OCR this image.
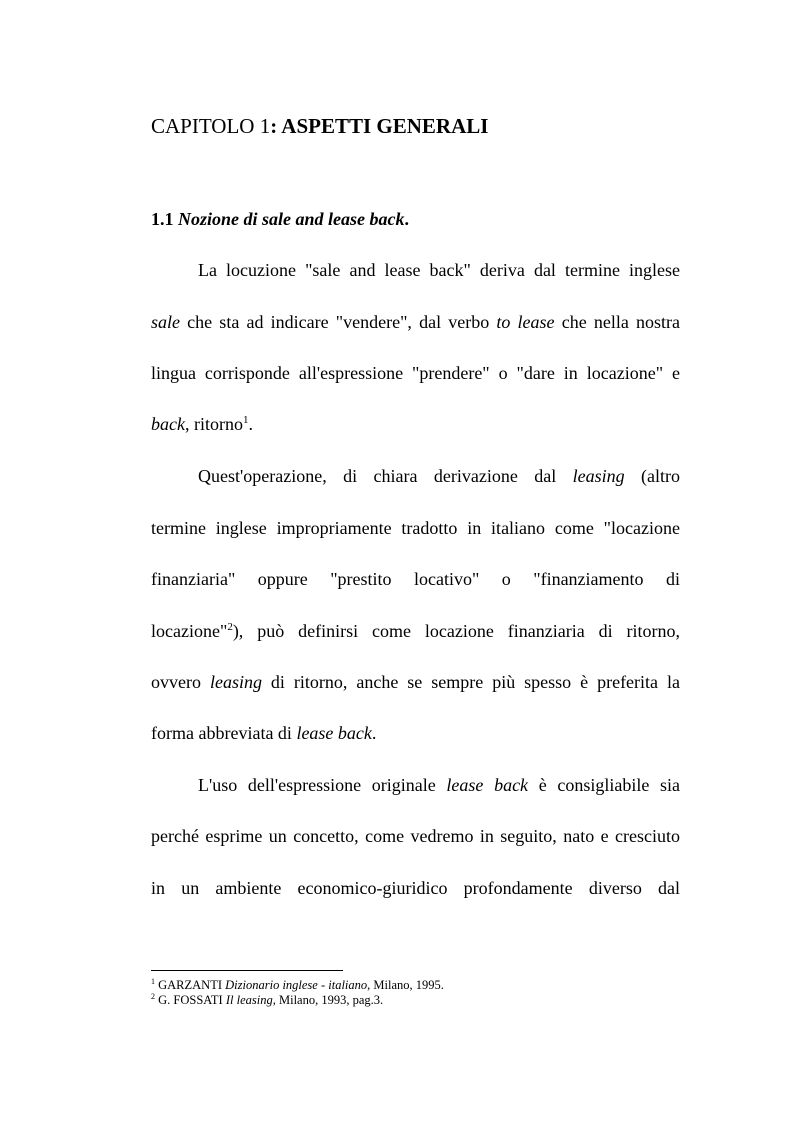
CAPITOLO 1: ASPETTI GENERALI
1.1 Nozione di sale and lease back.
La locuzione "sale and lease back" deriva dal termine inglese
sale che sta ad indicare "vendere", dal verbo to lease che nella nostra
lingua corrisponde all'espressione "prendere" o "dare in locazione" e
back, ritorno$^1$.
Quest'operazione, di chiara derivazione dal leasing (altro
termine inglese impropriamente tradotto in italiano come "locazione
finanziaria" oppure "prestito locativo" o "finanziamento di
locazione"$^2$), può definirsi come locazione finanziaria di ritorno,
ovvero leasing di ritorno, anche se sempre più spesso è preferita la
forma abbreviata di lease back.
L'uso dell'espressione originale lease back è consigliabile sia
perché esprime un concetto, come vedremo in seguito, nato e cresciuto
in un ambiente economico-giuridico profondamente diverso dal
$^1$ GARZANTI Dizionario inglese - italiano, Milano, 1995.
$^2$ G. FOSSATI Il leasing, Milano, 1993, pag.3.
